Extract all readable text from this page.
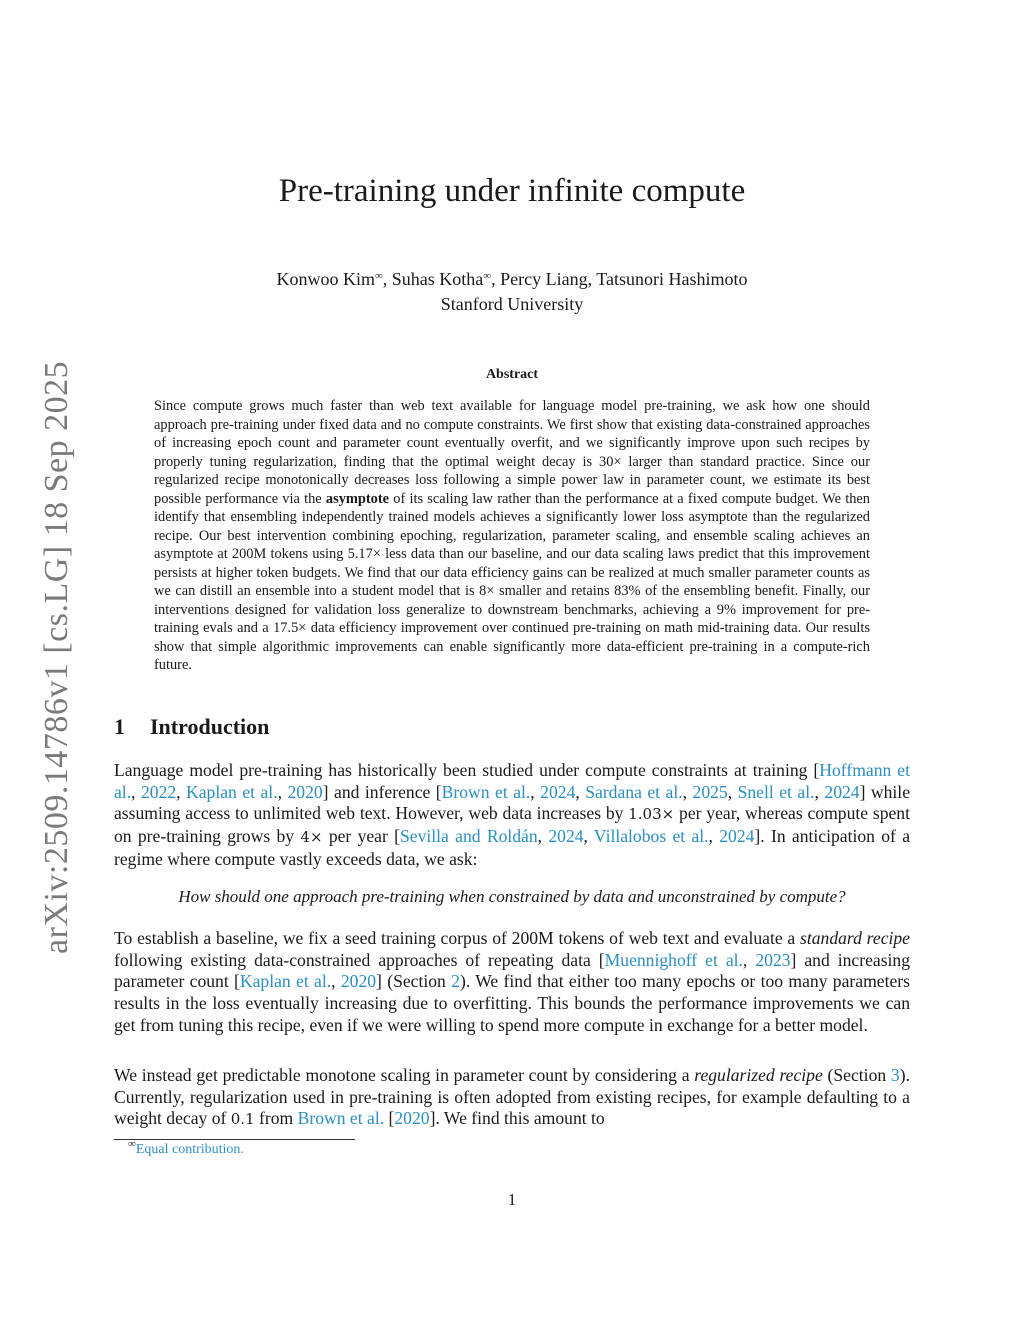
arXiv:2509.14786v1 [cs.LG] 18 Sep 2025
Pre-training under infinite compute
Konwoo Kim∞, Suhas Kotha∞, Percy Liang, Tatsunori Hashimoto
Stanford University
Abstract
Since compute grows much faster than web text available for language model pre-training, we ask how one should approach pre-training under fixed data and no compute constraints. We first show that existing data-constrained approaches of increasing epoch count and parameter count eventually overfit, and we significantly improve upon such recipes by properly tuning regularization, finding that the optimal weight decay is 30× larger than standard practice. Since our regularized recipe monotonically decreases loss following a simple power law in parameter count, we estimate its best possible performance via the asymptote of its scaling law rather than the performance at a fixed compute budget. We then identify that ensembling independently trained models achieves a significantly lower loss asymptote than the regularized recipe. Our best intervention combining epoching, regularization, parameter scaling, and ensemble scaling achieves an asymptote at 200M tokens using 5.17× less data than our baseline, and our data scaling laws predict that this improvement persists at higher token budgets. We find that our data efficiency gains can be realized at much smaller parameter counts as we can distill an ensemble into a student model that is 8× smaller and retains 83% of the ensembling benefit. Finally, our interventions designed for validation loss generalize to downstream benchmarks, achieving a 9% improvement for pre-training evals and a 17.5× data efficiency improvement over continued pre-training on math mid-training data. Our results show that simple algorithmic improvements can enable significantly more data-efficient pre-training in a compute-rich future.
1 Introduction
Language model pre-training has historically been studied under compute constraints at training [Hoffmann et al., 2022, Kaplan et al., 2020] and inference [Brown et al., 2024, Sardana et al., 2025, Snell et al., 2024] while assuming access to unlimited web text. However, web data increases by 1.03× per year, whereas compute spent on pre-training grows by 4× per year [Sevilla and Roldán, 2024, Villalobos et al., 2024]. In anticipation of a regime where compute vastly exceeds data, we ask:
How should one approach pre-training when constrained by data and unconstrained by compute?
To establish a baseline, we fix a seed training corpus of 200M tokens of web text and evaluate a standard recipe following existing data-constrained approaches of repeating data [Muennighoff et al., 2023] and increasing parameter count [Kaplan et al., 2020] (Section 2). We find that either too many epochs or too many parameters results in the loss eventually increasing due to overfitting. This bounds the performance improvements we can get from tuning this recipe, even if we were willing to spend more compute in exchange for a better model.
We instead get predictable monotone scaling in parameter count by considering a regularized recipe (Section 3). Currently, regularization used in pre-training is often adopted from existing recipes, for example defaulting to a weight decay of 0.1 from Brown et al. [2020]. We find this amount to
∞Equal contribution.
1
